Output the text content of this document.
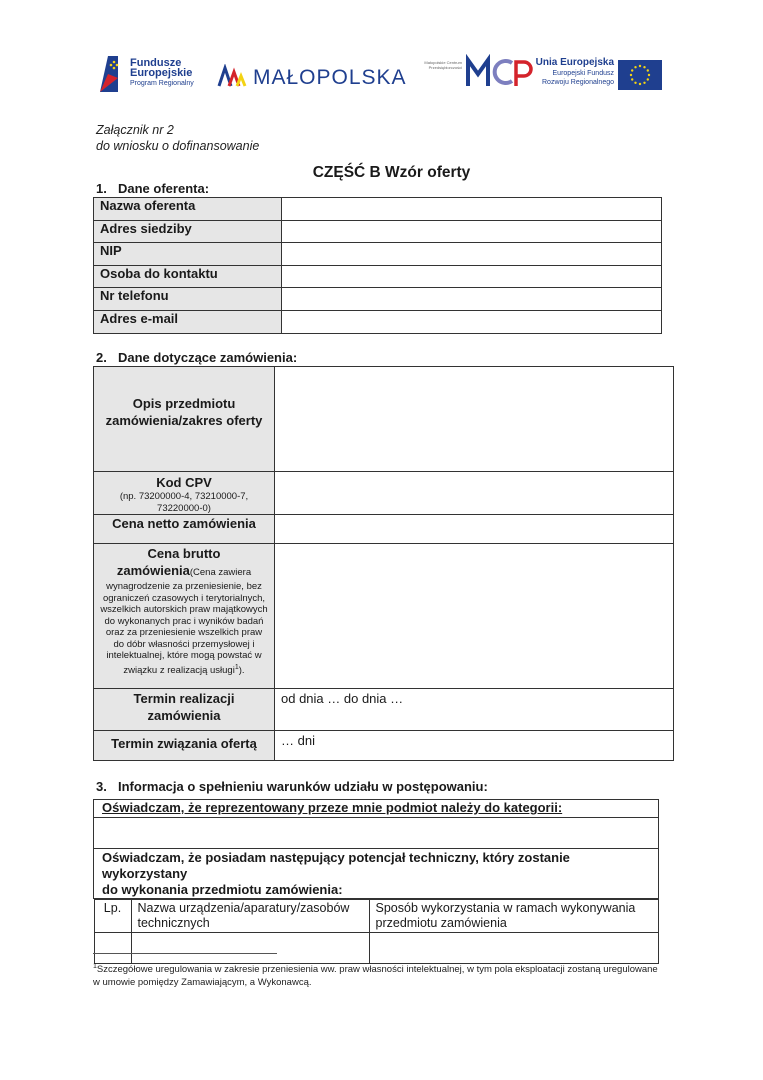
Fundusze
Europejskie
Program Regionalny	MAŁOPOLSKA
Małopolskie Centrum Przedsiębiorczości	Unia Europejska
Europejski Fundusz
Rozwoju Regionalnego
Załącznik nr 2
do wniosku o dofinansowanie
CZĘŚĆ B Wzór oferty
1. Dane oferenta:
Nazwa oferenta	
Adres siedziby	
NIP	
Osoba do kontaktu	
Nr telefonu	
Adres e-mail	
2. Dane dotyczące zamówienia:
Opis przedmiotu
zamówienia/zakres oferty	

Kod CPV
(np. 73200000-4, 73210000-7, 73220000-0)	

Cena netto zamówienia	

Cena brutto
zamówienia(Cena zawiera
wynagrodzenie za przeniesienie, bez ograniczeń czasowych i terytorialnych, wszelkich autorskich praw majątkowych do wykonanych prac i wyników badań oraz za przeniesienie wszelkich praw do dóbr własności przemysłowej i intelektualnej, które mogą powstać w związku z realizacją usługi$^1$).	

Termin realizacji
zamówienia	od dnia … do dnia …
Termin związania ofertą	… dni
3. Informacja o spełnieniu warunków udziału w postępowaniu:
Oświadczam, że reprezentowany przeze mnie podmiot należy do kategorii:

Oświadczam, że posiadam następujący potencjał techniczny, który zostanie wykorzystany
do wykonania przedmiotu zamówienia:

Lp.	Nazwa urządzenia/aparatury/zasobów technicznych	Sposób wykorzystania w ramach wykonywania przedmiotu zamówienia

$^1$Szczegółowe uregulowania w zakresie przeniesienia ww. praw własności intelektualnej, w tym pola eksploatacji zostaną uregulowane w umowie pomiędzy Zamawiającym, a Wykonawcą.
